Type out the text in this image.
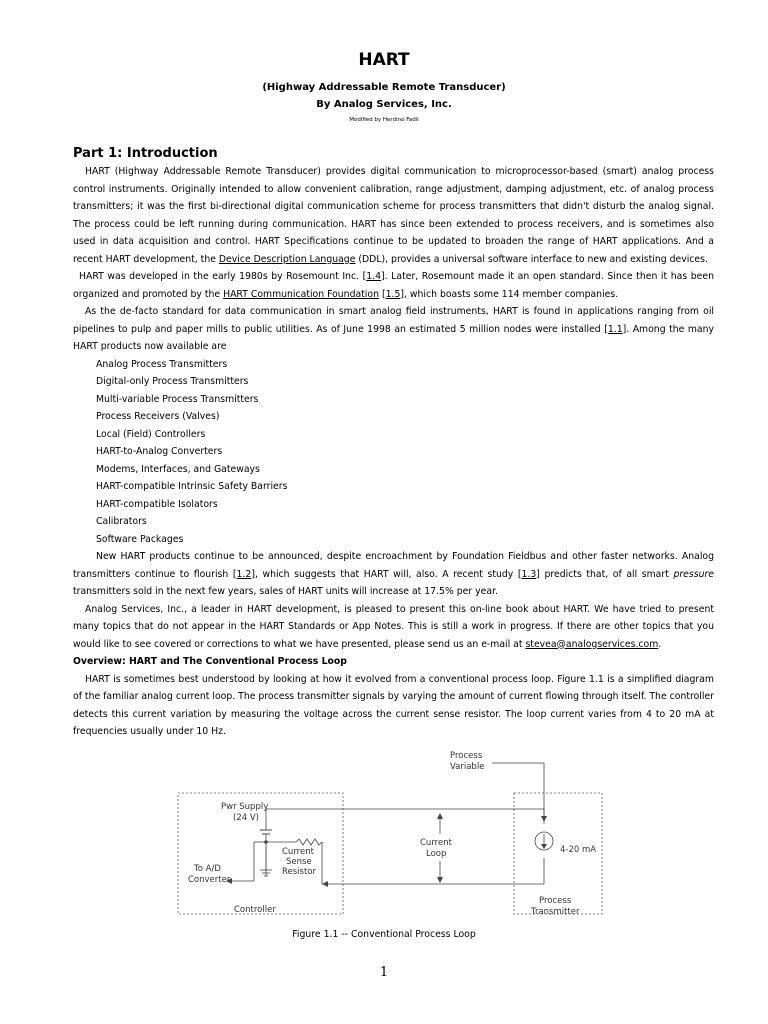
HART
(Highway Addressable Remote Transducer)
By Analog Services, Inc.
Modified by Herdino Fadli
Part 1: Introduction

HART (Highway Addressable Remote Transducer) provides digital communication to microprocessor-based (smart) analog process control instruments. Originally intended to allow convenient calibration, range adjustment, damping adjustment, etc. of analog process transmitters; it was the first bi-directional digital communication scheme for process transmitters that didn't disturb the analog signal. The process could be left running during communication. HART has since been extended to process receivers, and is sometimes also used in data acquisition and control. HART Specifications continue to be updated to broaden the range of HART applications. And a recent HART development, the Device Description Language (DDL), provides a universal software interface to new and existing devices.

HART was developed in the early 1980s by Rosemount Inc. [1.4]. Later, Rosemount made it an open standard. Since then it has been organized and promoted by the HART Communication Foundation [1.5], which boasts some 114 member companies.

As the de-facto standard for data communication in smart analog field instruments, HART is found in applications ranging from oil pipelines to pulp and paper mills to public utilities. As of June 1998 an estimated 5 million nodes were installed [1.1]. Among the many HART products now available are

Analog Process Transmitters
Digital-only Process Transmitters
Multi-variable Process Transmitters
Process Receivers (Valves)
Local (Field) Controllers
HART-to-Analog Converters
Modems, Interfaces, and Gateways
HART-compatible Intrinsic Safety Barriers
HART-compatible Isolators
Calibrators
Software Packages

New HART products continue to be announced, despite encroachment by Foundation Fieldbus and other faster networks. Analog transmitters continue to flourish [1.2], which suggests that HART will, also. A recent study [1.3] predicts that, of all smart pressure transmitters sold in the next few years, sales of HART units will increase at 17.5% per year.

Analog Services, Inc., a leader in HART development, is pleased to present this on-line book about HART. We have tried to present many topics that do not appear in the HART Standards or App Notes. This is still a work in progress. If there are other topics that you would like to see covered or corrections to what we have presented, please send us an e-mail at stevea@analogservices.com.

Overview: HART and The Conventional Process Loop

HART is sometimes best understood by looking at how it evolved from a conventional process loop. Figure 1.1 is a simplified diagram of the familiar analog current loop. The process transmitter signals by varying the amount of current flowing through itself. The controller detects this current variation by measuring the voltage across the current sense resistor. The loop current varies from 4 to 20 mA at frequencies usually under 10 Hz.

Process
Variable
Pwr Supply
(24 V)
Current
Sense
Resistor
To A/D
Converter
Current
Loop	4-20 mA
Controller
Process
Transmitter
Figure 1.1 -- Conventional Process Loop
1
